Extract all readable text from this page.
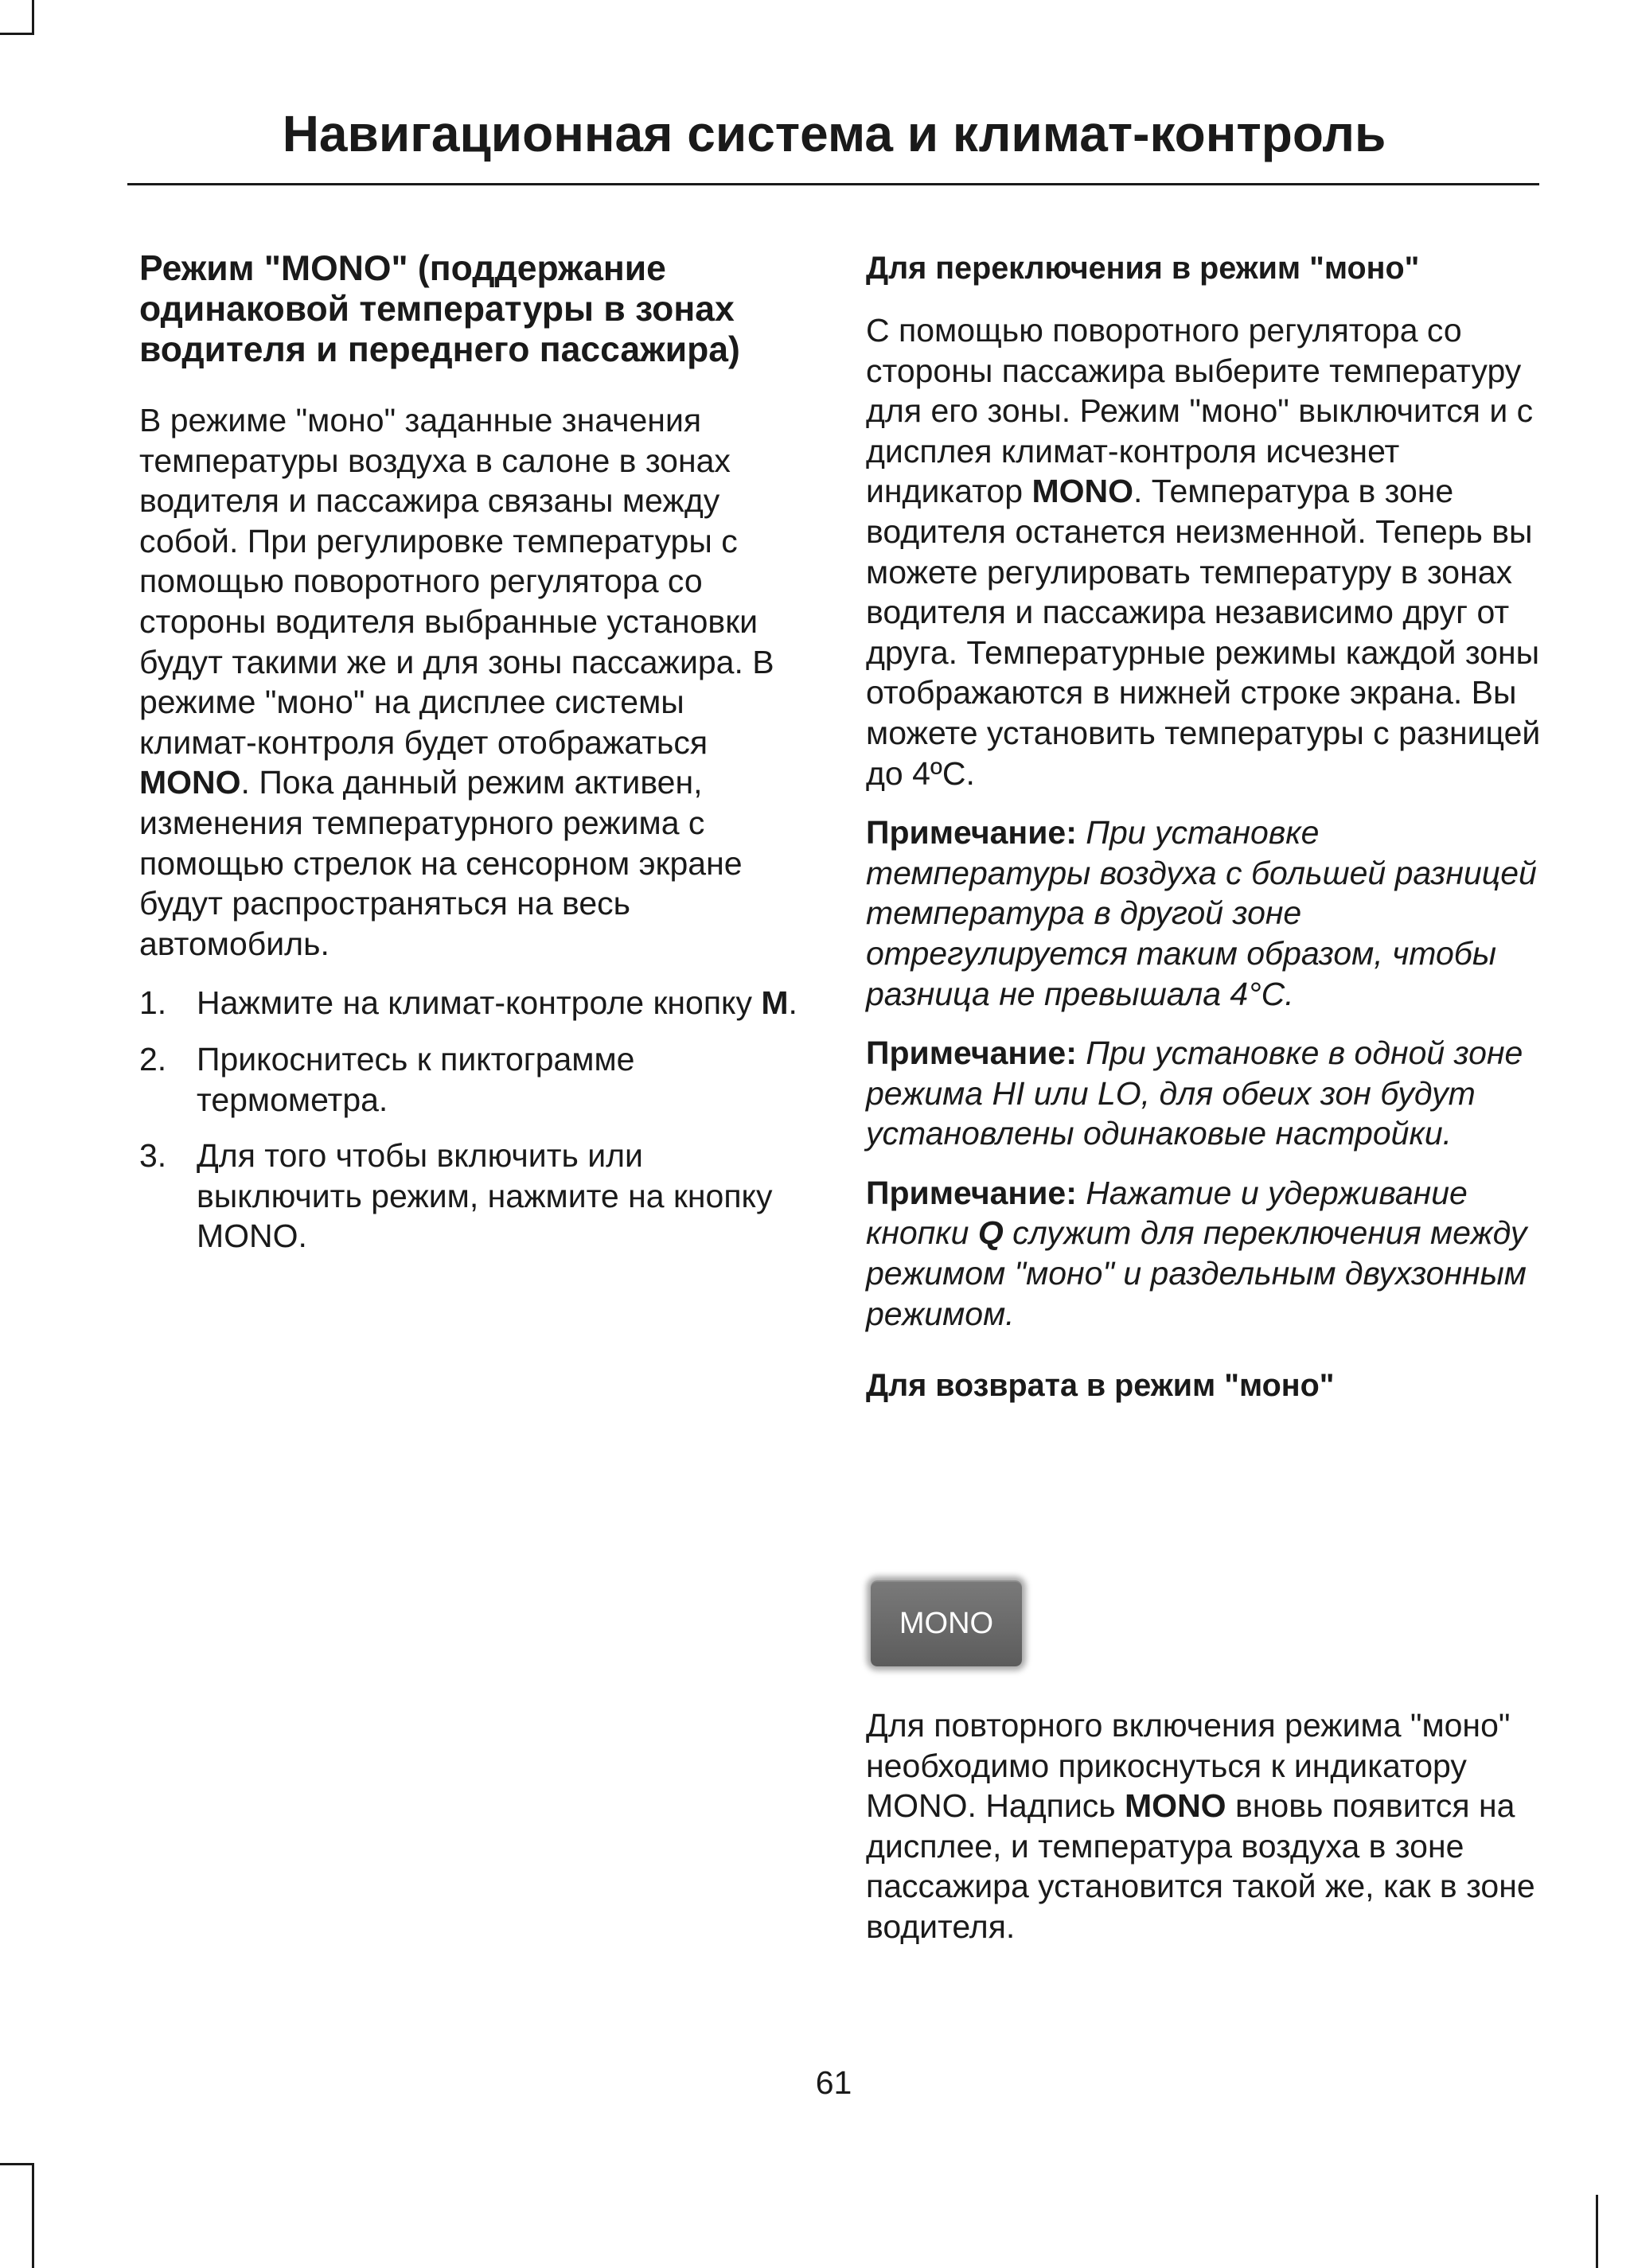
Навигационная система и климат-контроль
Режим "MONO" (поддержание одинаковой температуры в зонах водителя и переднего пассажира)

В режиме "моно" заданные значения температуры воздуха в салоне в зонах водителя и пассажира связаны между собой. При регулировке температуры с помощью поворотного регулятора со стороны водителя выбранные установки будут такими же и для зоны пассажира. В режиме "моно" на дисплее системы климат-контроля будет отображаться MONO. Пока данный режим активен, изменения температурного режима с помощью стрелок на сенсорном экране будут распространяться на весь автомобиль.

1. Нажмите на климат-контроле кнопку M.
2. Прикоснитесь к пиктограмме термометра.
3. Для того чтобы включить или выключить режим, нажмите на кнопку MONO.
Для переключения в режим "моно"

С помощью поворотного регулятора со стороны пассажира выберите температуру для его зоны. Режим "моно" выключится и с дисплея климат-контроля исчезнет индикатор MONO. Температура в зоне водителя останется неизменной. Теперь вы можете регулировать температуру в зонах водителя и пассажира независимо друг от друга. Температурные режимы каждой зоны отображаются в нижней строке экрана. Вы можете установить температуры с разницей до 4ºC.

Примечание: При установке температуры воздуха с большей разницей температура в другой зоне отрегулируется таким образом, чтобы разница не превышала 4°C.

Примечание: При установке в одной зоне режима HI или LO, для обеих зон будут установлены одинаковые настройки.

Примечание: Нажатие и удерживание кнопки Q служит для переключения между режимом "моно" и раздельным двухзонным режимом.

Для возврата в режим "моно"
MONO

Для повторного включения режима "моно" необходимо прикоснуться к индикатору MONO. Надпись MONO вновь появится на дисплее, и температура воздуха в зоне пассажира установится такой же, как в зоне водителя.

61
